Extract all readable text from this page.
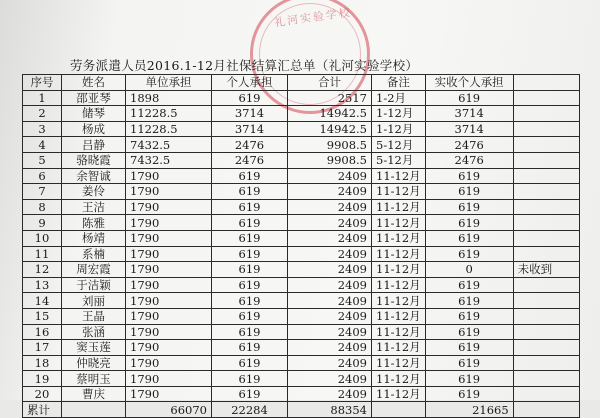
礼河实验学校
劳务派遣人员2016.1-12月社保结算汇总单（礼河实验学校）
序号	姓名	单位承担	个人承担	合计	备注	实收个人承担	
1	邵亚琴	1898	619	2517	1-2月	619	
2	储琴	11228.5	3714	14942.5	1-12月	3714	
3	杨成	11228.5	3714	14942.5	1-12月	3714	
4	吕静	7432.5	2476	9908.5	5-12月	2476	
5	骆晓霞	7432.5	2476	9908.5	5-12月	2476	
6	余智诚	1790	619	2409	11-12月	619	
7	姜伶	1790	619	2409	11-12月	619	
8	王洁	1790	619	2409	11-12月	619	
9	陈雅	1790	619	2409	11-12月	619	
10	杨靖	1790	619	2409	11-12月	619	
11	系楠	1790	619	2409	11-12月	619	
12	周宏霞	1790	619	2409	11-12月	0	未收到
13	于洁颖	1790	619	2409	11-12月	619	
14	刘丽	1790	619	2409	11-12月	619	
15	王晶	1790	619	2409	11-12月	619	
16	张涵	1790	619	2409	11-12月	619	
17	窦玉莲	1790	619	2409	11-12月	619	
18	仲晓亮	1790	619	2409	11-12月	619	
19	蔡明玉	1790	619	2409	11-12月	619	
20	曹庆	1790	619	2409	11-12月	619	
累计		66070	22284	88354		21665	
